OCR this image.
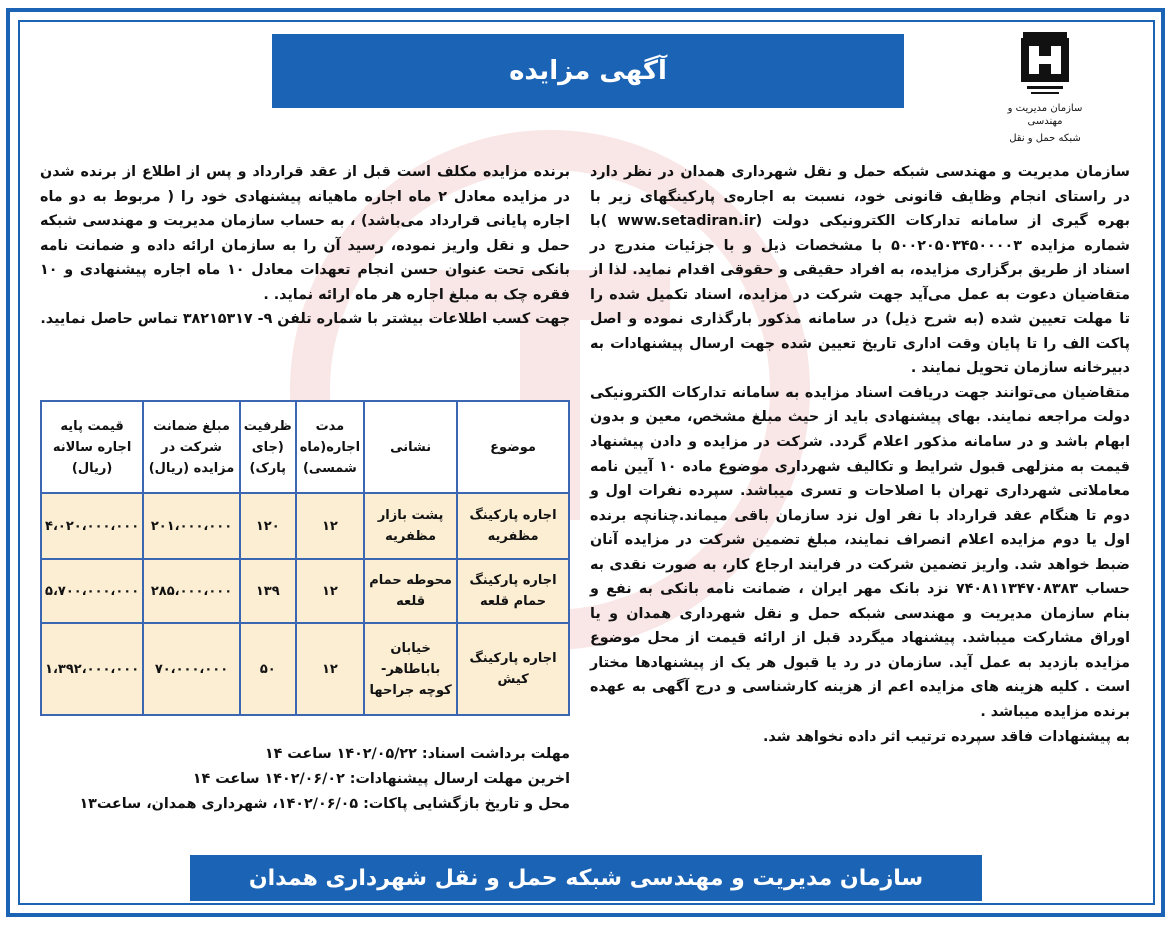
آگهی مزایده
سازمان مدیریت و مهندسی
شبکه حمل و نقل

سازمان مدیریت و مهندسی شبکه حمل و نقل شهرداری همدان در نظر دارد در راستای انجام وظایف قانونی خود، نسبت به اجاره‌ی پارکینگهای زیر با بهره گیری از سامانه تدارکات الکترونیکی دولت (www.setadiran.ir )با شماره مزایده ۵۰۰۲۰۵۰۳۴۵۰۰۰۰۳ با مشخصات ذیل و با جزئیات مندرج در اسناد از طریق برگزاری مزایده، به افراد حقیقی و حقوقی اقدام نماید. لذا از متقاضیان دعوت به عمل می‌آید جهت شرکت در مزایده، اسناد تکمیل شده را تا مهلت تعیین شده (به شرح ذیل) در سامانه مذکور بارگذاری نموده و اصل پاکت الف را تا پایان وقت اداری تاریخ تعیین شده جهت ارسال پیشنهادات به دبیرخانه سازمان تحویل نمایند .

متقاضیان می‌توانند جهت دریافت اسناد مزایده به سامانه تدارکات الکترونیکی دولت مراجعه نمایند. بهای پیشنهادی باید از حیث مبلغ مشخص، معین و بدون ابهام باشد و در سامانه مذکور اعلام گردد. شرکت در مزایده و دادن پیشنهاد قیمت به منزلهی قبول شرایط و تکالیف شهرداری موضوع ماده ۱۰ آیین نامه معاملاتی شهرداری تهران با اصلاحات و تسری میباشد. سپرده نفرات اول و دوم تا هنگام عقد قرارداد با نفر اول نزد سازمان باقی میماند.چنانچه برنده اول یا دوم مزایده اعلام انصراف نمایند، مبلغ تضمین شرکت در مزایده آنان ضبط خواهد شد. واریز تضمین شرکت در فرایند ارجاع کار، به صورت نقدی به حساب ۷۴۰۸۱۱۳۴۷۰۸۳۸۳ نزد بانک مهر ایران ، ضمانت نامه بانکی به نفع و بنام سازمان مدیریت و مهندسی شبکه حمل و نقل شهرداری همدان و یا اوراق مشارکت میباشد. پیشنهاد میگردد قبل از ارائه قیمت از محل موضوع مزایده بازدید به عمل آید. سازمان در رد یا قبول هر یک از پیشنهادها مختار است . کلیه هزینه های مزایده اعم از هزینه کارشناسی و درج آگهی به عهده برنده مزایده میباشد .

به پیشنهادات فاقد سپرده ترتیب اثر داده نخواهد شد.

برنده مزایده مکلف است قبل از عقد قرارداد و پس از اطلاع از برنده شدن در مزایده معادل ۲ ماه اجاره ماهیانه پیشنهادی خود را ( مربوط به دو ماه اجاره پایانی قرارداد می‌باشد) ، به حساب سازمان مدیریت و مهندسی شبکه حمل و نقل واریز نموده، رسید آن را به سازمان ارائه داده و ضمانت نامه بانکی تحت عنوان حسن انجام تعهدات معادل ۱۰ ماه اجاره پیشنهادی و ۱۰ فقره چک به مبلغ اجاره هر ماه ارائه نماید. .

جهت کسب اطلاعات بیشتر با شماره تلفن ۹- ۳۸۲۱۵۳۱۷ تماس حاصل نمایید.

موضوع	نشانی	مدت اجاره(ماه شمسی)	ظرفیت (جای پارک)	مبلغ ضمانت شرکت در مزایده (ریال)	قیمت پایه اجاره سالانه (ریال)
اجاره پارکینگ مظفریه	پشت بازار مظفریه	۱۲	۱۲۰	۲۰۱،۰۰۰،۰۰۰	۴،۰۲۰،۰۰۰،۰۰۰
اجاره پارکینگ حمام قلعه	محوطه حمام قلعه	۱۲	۱۳۹	۲۸۵،۰۰۰،۰۰۰	۵،۷۰۰،۰۰۰،۰۰۰
اجاره پارکینگ کیش	خیابان باباطاهر- کوچه جراحها	۱۲	۵۰	۷۰،۰۰۰،۰۰۰	۱،۳۹۲،۰۰۰،۰۰۰

مهلت برداشت اسناد: ۱۴۰۲/۰۵/۲۲ ساعت ۱۴

اخرین مهلت ارسال پیشنهادات: ۱۴۰۲/۰۶/۰۲ ساعت ۱۴

محل و تاریخ بازگشایی پاکات: ۱۴۰۲/۰۶/۰۵، شهرداری همدان، ساعت۱۳

سازمان مدیریت و مهندسی شبکه حمل و نقل شهرداری همدان
